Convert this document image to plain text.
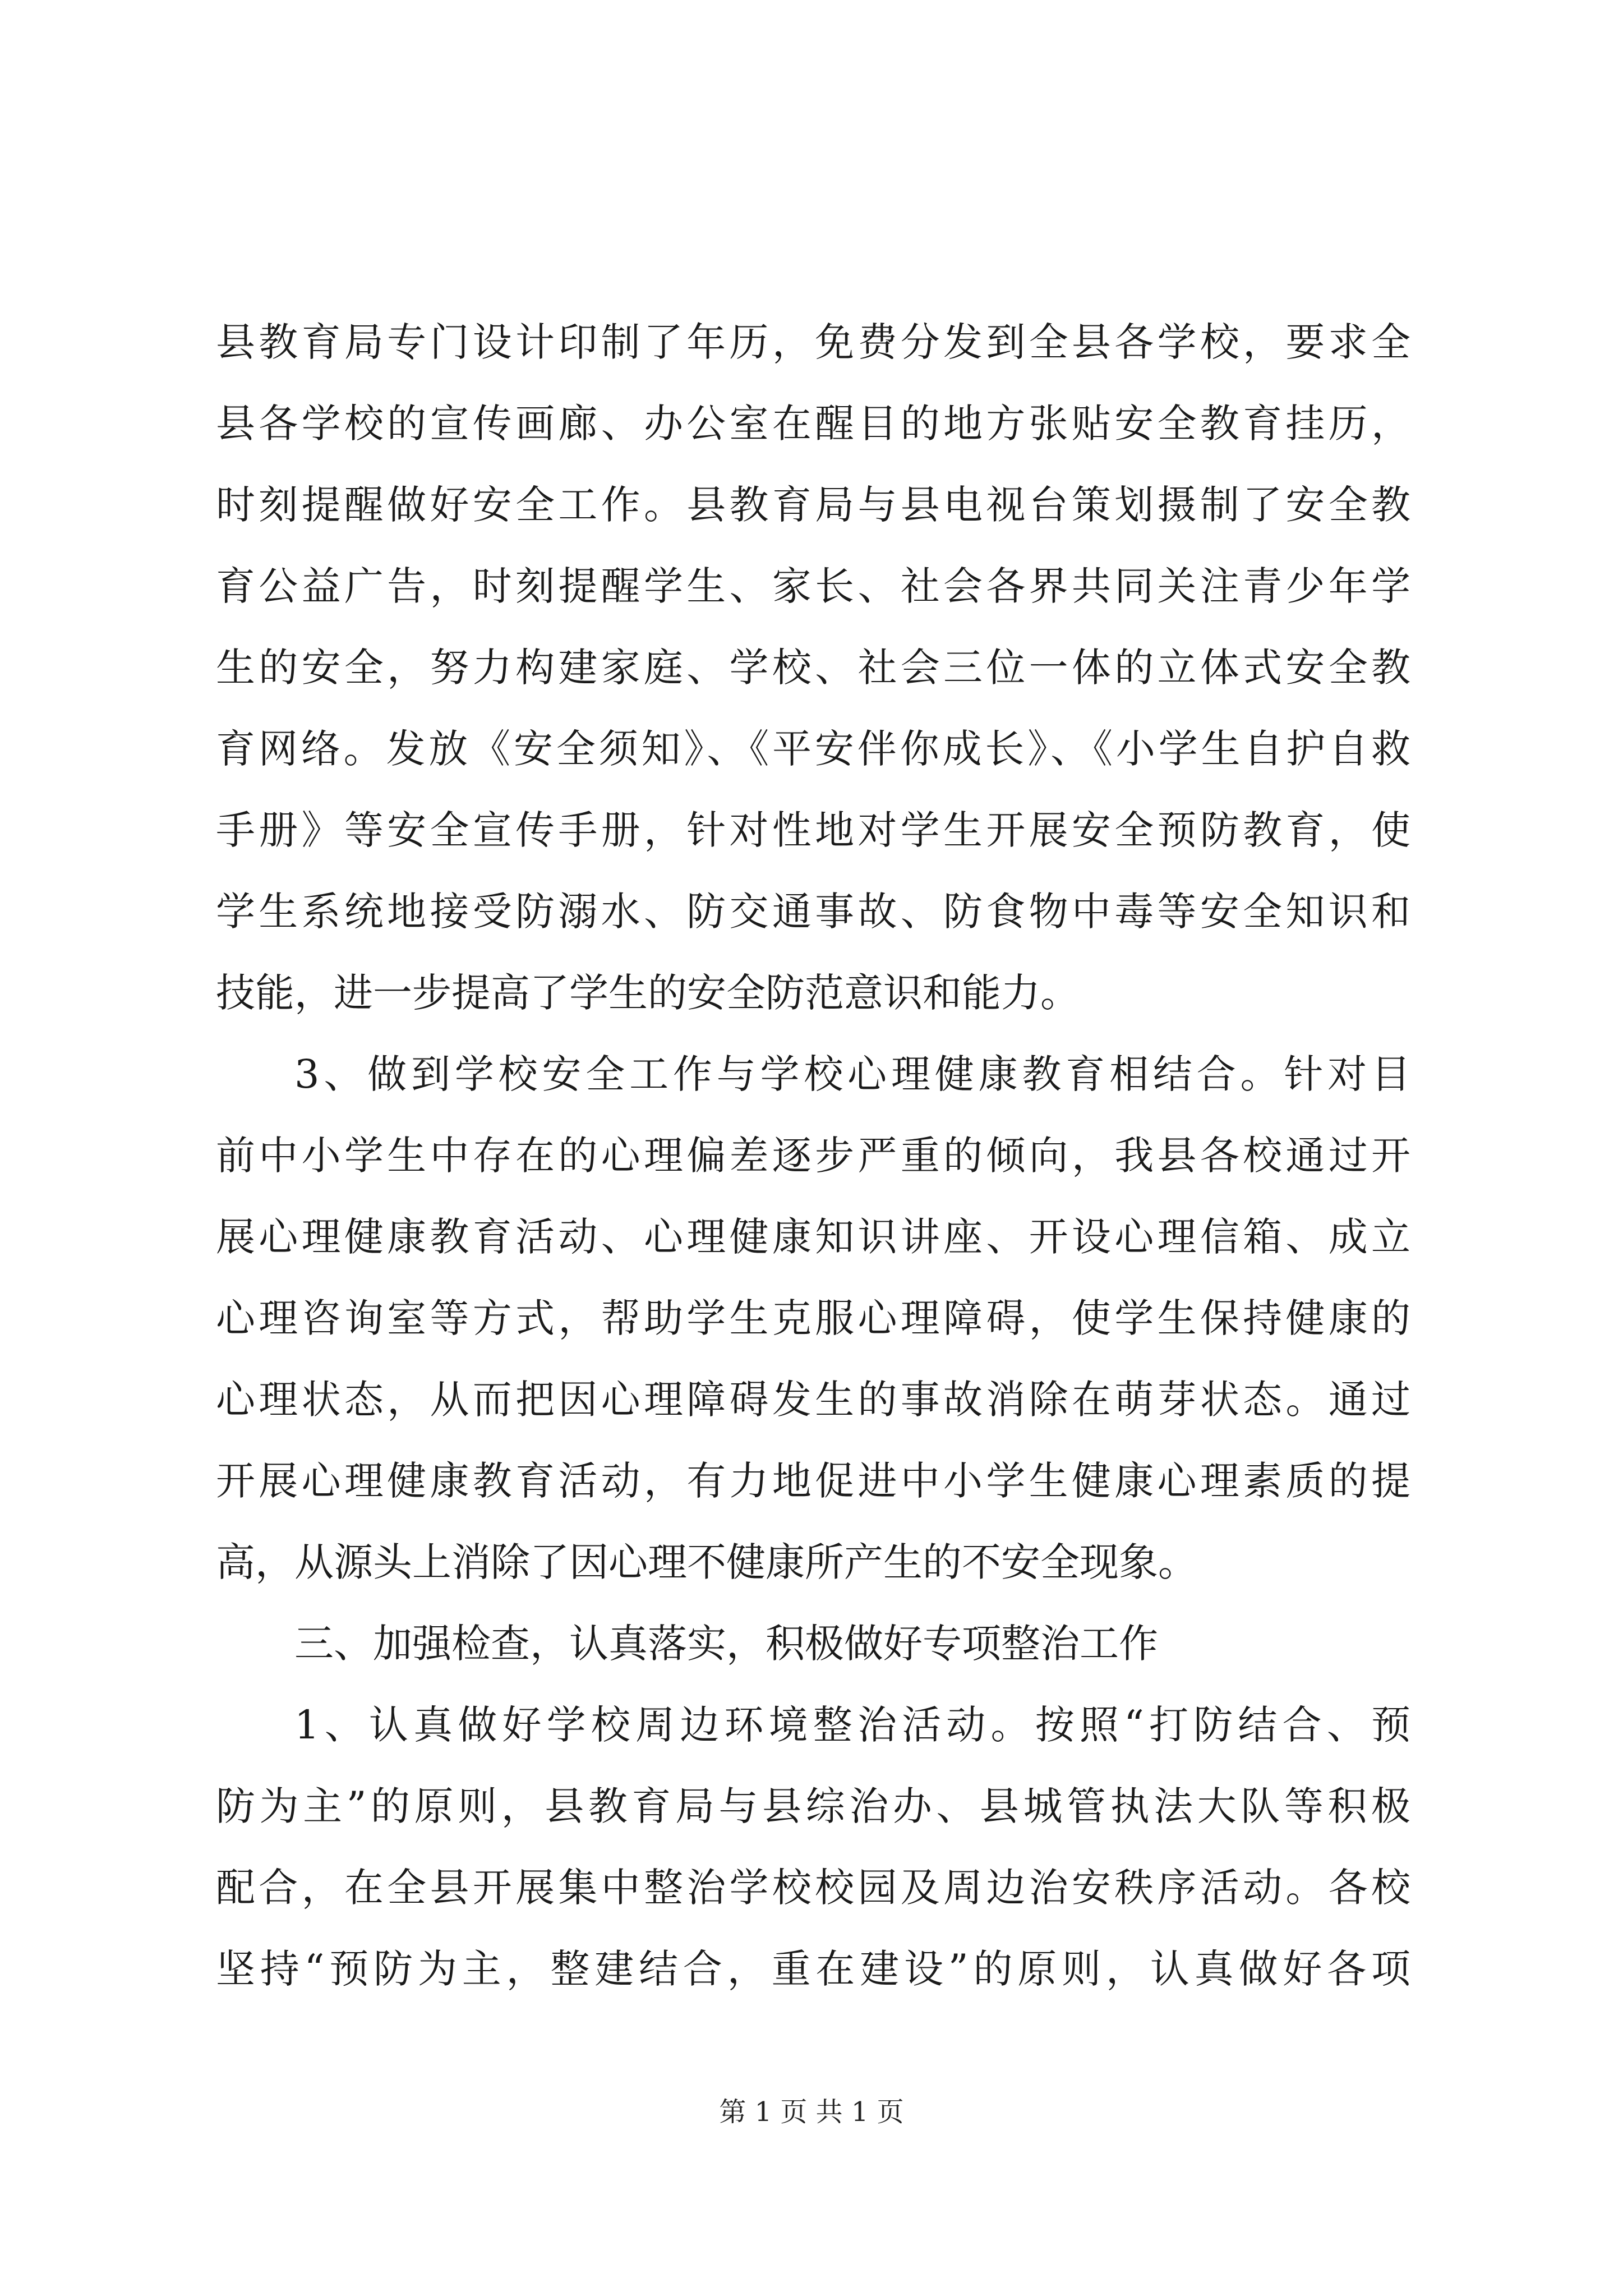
县教育局专门设计印制了年历，免费分发到全县各学校，要求全
县各学校的宣传画廊、办公室在醒目的地方张贴安全教育挂历，
时刻提醒做好安全工作。县教育局与县电视台策划摄制了安全教
育公益广告，时刻提醒学生、家长、社会各界共同关注青少年学
生的安全，努力构建家庭、学校、社会三位一体的立体式安全教
育网络。发放《安全须知》、《平安伴你成长》、《小学生自护自救
手册》等安全宣传手册，针对性地对学生开展安全预防教育，使
学生系统地接受防溺水、防交通事故、防食物中毒等安全知识和
技能，进一步提高了学生的安全防范意识和能力。
3、做到学校安全工作与学校心理健康教育相结合。针对目
前中小学生中存在的心理偏差逐步严重的倾向，我县各校通过开
展心理健康教育活动、心理健康知识讲座、开设心理信箱、成立
心理咨询室等方式，帮助学生克服心理障碍，使学生保持健康的
心理状态，从而把因心理障碍发生的事故消除在萌芽状态。通过
开展心理健康教育活动，有力地促进中小学生健康心理素质的提
高，从源头上消除了因心理不健康所产生的不安全现象。
三、加强检查，认真落实，积极做好专项整治工作
1、认真做好学校周边环境整治活动。按照“打防结合、预
防为主”的原则，县教育局与县综治办、县城管执法大队等积极
配合，在全县开展集中整治学校校园及周边治安秩序活动。各校
坚持“预防为主，整建结合，重在建设”的原则，认真做好各项
第 1 页 共 1 页
